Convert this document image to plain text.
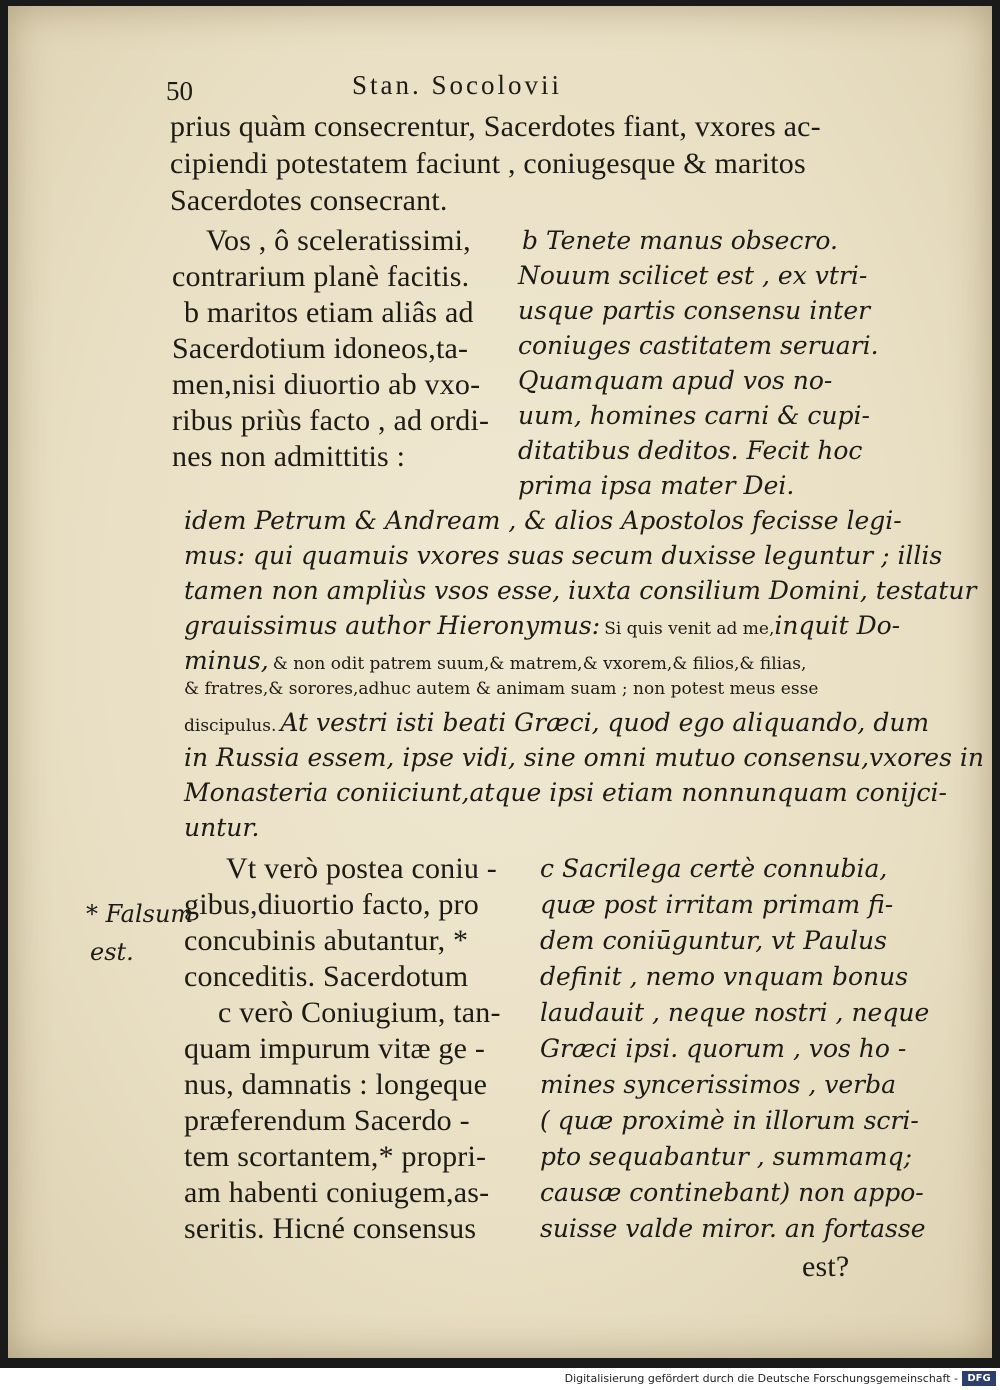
50	Stan. Socolovii
prius quàm consecrentur, Sacerdotes fiant, vxores ac-
cipiendi potestatem faciunt , coniugesque & maritos
Sacerdotes consecrant.
Vos , ô sceleratissimi,
contrarium planè facitis.
b maritos etiam aliâs ad
Sacerdotium idoneos,ta-
men,nisi diuortio ab vxo-
ribus priùs facto , ad ordi-
nes non admittitis :
b Tenete manus obsecro.
Nouum scilicet est , ex vtri-
usque partis consensu inter
coniuges castitatem seruari.
Quamquam apud vos no-
uum, homines carni & cupi-
ditatibus deditos. Fecit hoc
prima ipsa mater Dei.
idem Petrum & Andream , & alios Apostolos fecisse legi-
mus: qui quamuis vxores suas secum duxisse leguntur ; illis
tamen non ampliùs vsos esse, iuxta consilium Domini, testatur
grauissimus author Hieronymus: Si quis venit ad me,inquit Do-
minus, & non odit patrem suum,& matrem,& vxorem,& filios,& filias,
& fratres,& sorores,adhuc autem & animam suam ; non potest meus esse
discipulus. At vestri isti beati Græci, quod ego aliquando, dum
in Russia essem, ipse vidi, sine omni mutuo consensu,vxores in
Monasteria coniiciunt,atque ipsi etiam nonnunquam conijci-
untur.
Vt verò postea coniu -
gibus,diuortio facto, pro
concubinis abutantur, *
conceditis. Sacerdotum
c verò Coniugium, tan-
quam impurum vitæ ge -
nus, damnatis : longeque
præferendum Sacerdo -
tem scortantem,* propri-
am habenti coniugem,as-
seritis. Hicné consensus
c Sacrilega certè connubia,
quæ post irritam primam fi-
dem coniūguntur, vt Paulus
definit , nemo vnquam bonus
laudauit , neque nostri , neque
Græci ipsi. quorum , vos ho -
mines syncerissimos , verba
( quæ proximè in illorum scri-
pto sequabantur , summamq;
causæ continebant) non appo-
suisse valde miror. an fortasse
est?
* Falsum
est.
Digitalisierung gefördert durch die Deutsche Forschungsgemeinschaft - DFG
